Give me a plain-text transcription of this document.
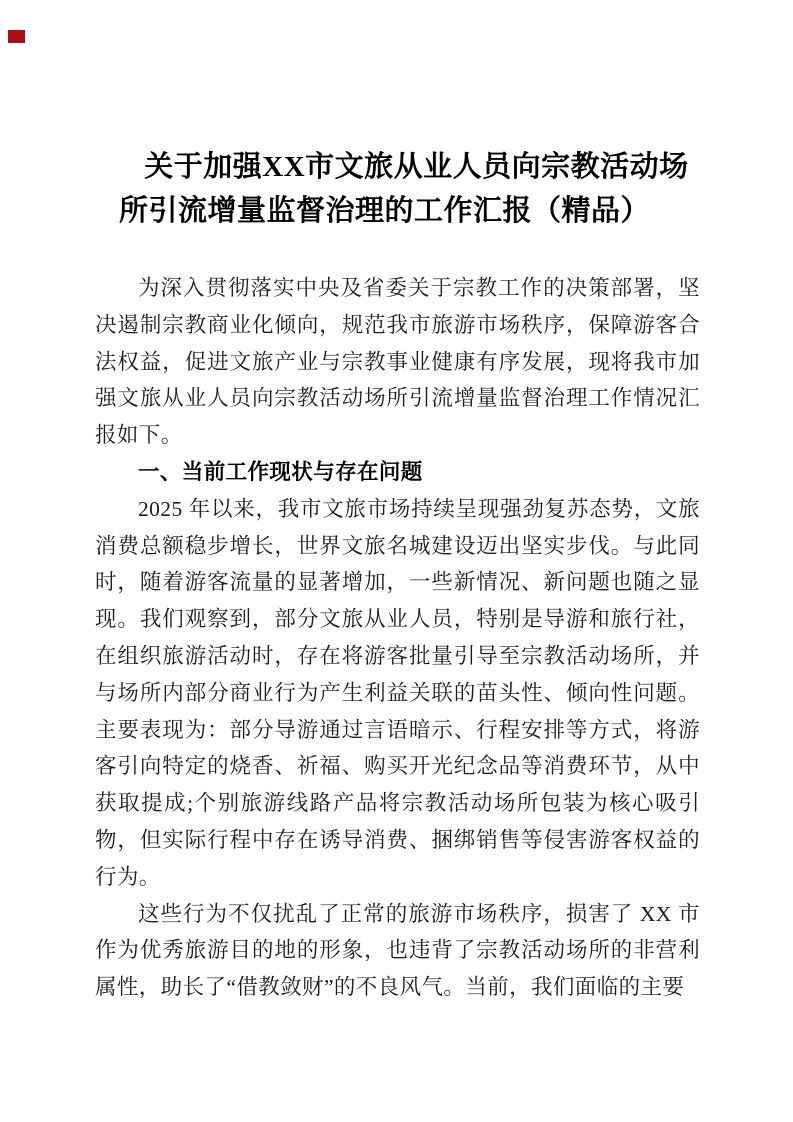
关于加强XX市文旅从业人员向宗教活动场
所引流增量监督治理的工作汇报（精品）

为深入贯彻落实中央及省委关于宗教工作的决策部署，坚决遏制宗教商业化倾向，规范我市旅游市场秩序，保障游客合法权益，促进文旅产业与宗教事业健康有序发展，现将我市加强文旅从业人员向宗教活动场所引流增量监督治理工作情况汇报如下。

一、当前工作现状与存在问题

2025 年以来，我市文旅市场持续呈现强劲复苏态势，文旅消费总额稳步增长，世界文旅名城建设迈出坚实步伐。与此同时，随着游客流量的显著增加，一些新情况、新问题也随之显现。我们观察到，部分文旅从业人员，特别是导游和旅行社，在组织旅游活动时，存在将游客批量引导至宗教活动场所，并与场所内部分商业行为产生利益关联的苗头性、倾向性问题。主要表现为：部分导游通过言语暗示、行程安排等方式，将游客引向特定的烧香、祈福、购买开光纪念品等消费环节，从中获取提成;个别旅游线路产品将宗教活动场所包装为核心吸引物，但实际行程中存在诱导消费、捆绑销售等侵害游客权益的行为。

这些行为不仅扰乱了正常的旅游市场秩序，损害了 XX 市作为优秀旅游目的地的形象，也违背了宗教活动场所的非营利属性，助长了“借教敛财”的不良风气。当前，我们面临的主要
